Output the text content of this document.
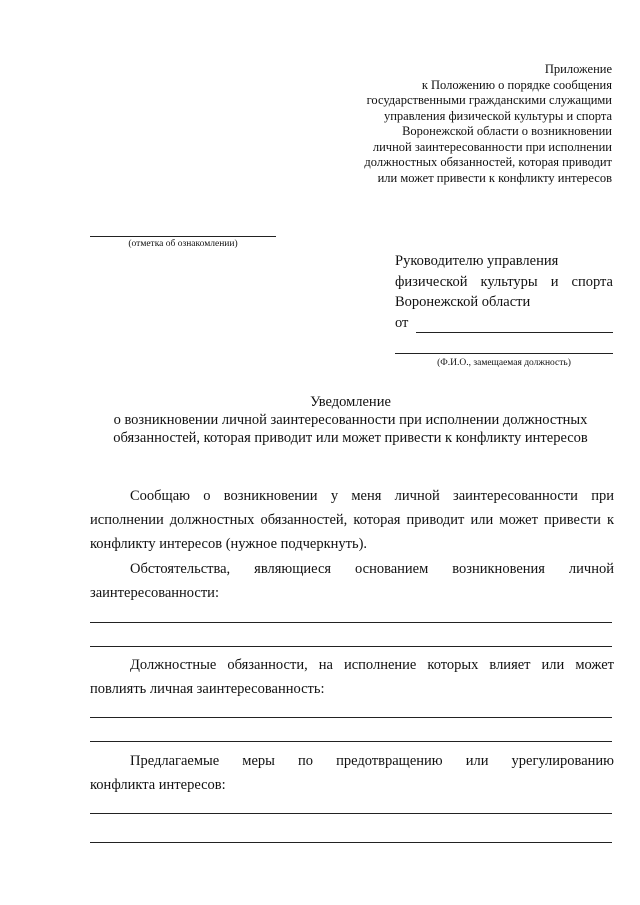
Приложение
к Положению о порядке сообщения
государственными гражданскими служащими
управления физической культуры и спорта
Воронежской области о возникновении
личной заинтересованности при исполнении
должностных обязанностей, которая приводит
или может привести к конфликту интересов
(отметка об ознакомлении)
Руководителю управления
физической культуры и спорта
Воронежской области
от
(Ф.И.О., замещаемая должность)
Уведомление
о возникновении личной заинтересованности при исполнении должностных
обязанностей, которая приводит или может привести к конфликту интересов
Сообщаю о возникновении у меня личной заинтересованности при
исполнении должностных обязанностей, которая приводит или может привести к конфликту интересов (нужное подчеркнуть).
Обстоятельства, являющиеся основанием возникновения личной
заинтересованности:
Должностные обязанности, на исполнение которых влияет или может
повлиять личная заинтересованность:
Предлагаемые меры по предотвращению или урегулированию
конфликта интересов:
